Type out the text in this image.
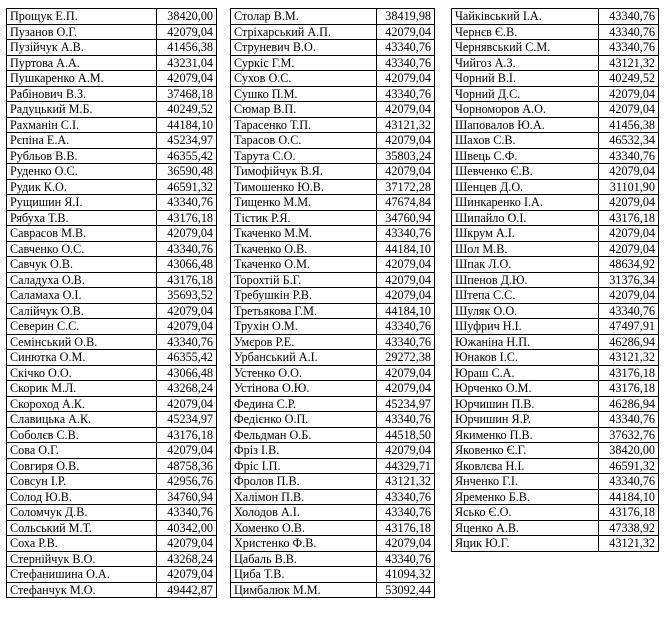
Прощук Е.П.	38420,00
Пузанов О.Г.	42079,04
Пузійчук А.В.	41456,38
Пуртова А.А.	43231,04
Пушкаренко А.М.	42079,04
Рабінович В.З.	37468,18
Радуцький М.Б.	40249,52
Рахманін С.І.	44184,10
Рєпіна Е.А.	45234,97
Рубльов В.В.	46355,42
Руденко О.С.	36590,48
Рудик К.О.	46591,32
Рущишин Я.І.	43340,76
Рябуха Т.В.	43176,18
Саврасов М.В.	42079,04
Савченко О.С.	43340,76
Савчук О.В.	43066,48
Саладуха О.В.	43176,18
Саламаха О.І.	35693,52
Салійчук О.В.	42079,04
Северин С.С.	42079,04
Семінський О.В.	43340,76
Синютка О.М.	46355,42
Скічко О.О.	43066,48
Скорик М.Л.	43268,24
Скороход А.К.	42079,04
Славицька А.К.	45234,97
Соболєв С.В.	43176,18
Сова О.Г.	42079,04
Совгиря О.В.	48758,36
Совсун І.Р.	42956,76
Солод Ю.В.	34760,94
Соломчук Д.В.	43340,76
Сольський М.Т.	40342,00
Соха Р.В.	42079,04
Стернійчук В.О.	43268,24
Стефанишина О.А.	42079,04
Стефанчук М.О.	49442,87
Столар В.М.	38419,98
Стріхарський А.П.	42079,04
Струневич В.О.	43340,76
Суркіс Г.М.	43340,76
Сухов О.С.	42079,04
Сушко П.М.	43340,76
Сюмар В.П.	42079,04
Тарасенко Т.П.	43121,32
Тарасов О.С.	42079,04
Тарута С.О.	35803,24
Тимофійчук В.Я.	42079,04
Тимошенко Ю.В.	37172,28
Тищенко М.М.	47674,84
Тістик Р.Я.	34760,94
Ткаченко М.М.	43340,76
Ткаченко О.В.	44184,10
Ткаченко О.М.	42079,04
Торохтій Б.Г.	42079,04
Требушкін Р.В.	42079,04
Третьякова Г.М.	44184,10
Трухін О.М.	43340,76
Умєров Р.Е.	43340,76
Урбанський А.І.	29272,38
Устенко О.О.	42079,04
Устінова О.Ю.	42079,04
Федина С.Р.	45234,97
Федієнко О.П.	43340,76
Фельдман О.Б.	44518,50
Фріз І.В.	42079,04
Фріс І.П.	44329,71
Фролов П.В.	43121,32
Халімон П.В.	43340,76
Холодов А.І.	43340,76
Хоменко О.В.	43176,18
Христенко Ф.В.	42079,04
Цабаль В.В.	43340,76
Циба Т.В.	41094,32
Цимбалюк М.М.	53092,44
Чайківський І.А.	43340,76
Чернєв Є.В.	43340,76
Чернявський С.М.	43340,76
Чийгоз А.З.	43121,32
Чорний В.І.	40249,52
Чорний Д.С.	42079,04
Чорноморов А.О.	42079,04
Шаповалов Ю.А.	41456,38
Шахов С.В.	46532,34
Швець С.Ф.	43340,76
Шевченко Є.В.	42079,04
Шенцев Д.О.	31101,90
Шинкаренко І.А.	42079,04
Шипайло О.І.	43176,18
Шкрум А.І.	42079,04
Шол М.В.	42079,04
Шпак Л.О.	48634,92
Шпенов Д.Ю.	31376,34
Штепа С.С.	42079,04
Шуляк О.О.	43340,76
Шуфрич Н.І.	47497,91
Южаніна Н.П.	46286,94
Юнаков І.С.	43121,32
Юраш С.А.	43176,18
Юрченко О.М.	43176,18
Юрчишин П.В.	46286,94
Юрчишин Я.Р.	43340,76
Якименко П.В.	37632,76
Яковенко Є.Г.	38420,00
Яковлєва Н.І.	46591,32
Янченко Г.І.	43340,76
Яременко Б.В.	44184,10
Ясько Є.О.	43176,18
Яценко А.В.	47338,92
Яцик Ю.Г.	43121,32
